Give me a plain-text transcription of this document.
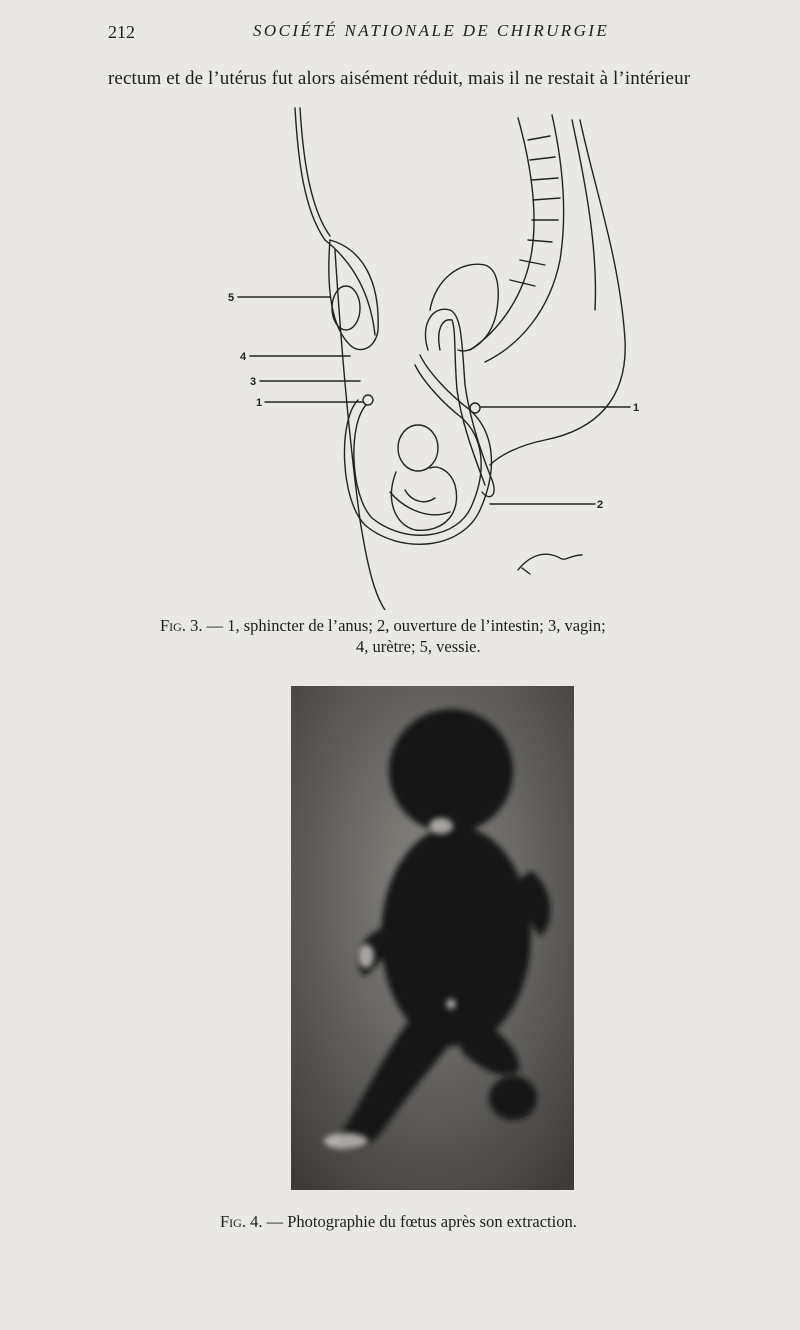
212	SOCIÉTÉ NATIONALE DE CHIRURGIE
rectum et de l’utérus fut alors aisément réduit, mais il ne restait à l’intérieur
5
4
3
1	1
2
Fig. 3. — 1, sphincter de l’anus; 2, ouverture de l’intestin; 3, vagin;
4, urètre; 5, vessie.
Fig. 4. — Photographie du fœtus après son extraction.
